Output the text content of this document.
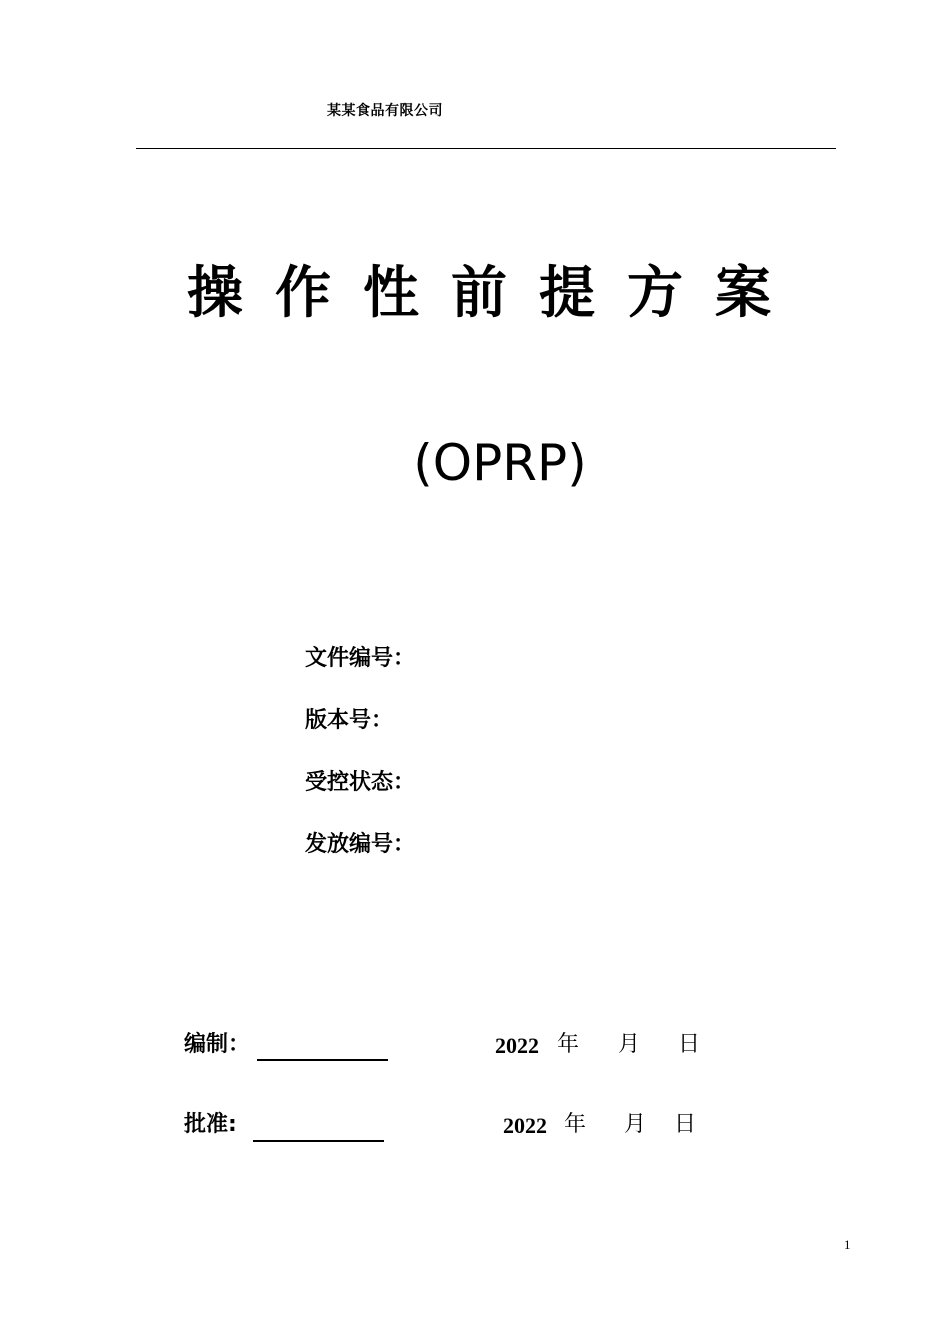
某某食品有限公司
操作性前提方案
(OPRP)
文件编号：
版本号：
受控状态：
发放编号：
编制：	2022 年 月 日
批准:	2022 年 月 日
1
